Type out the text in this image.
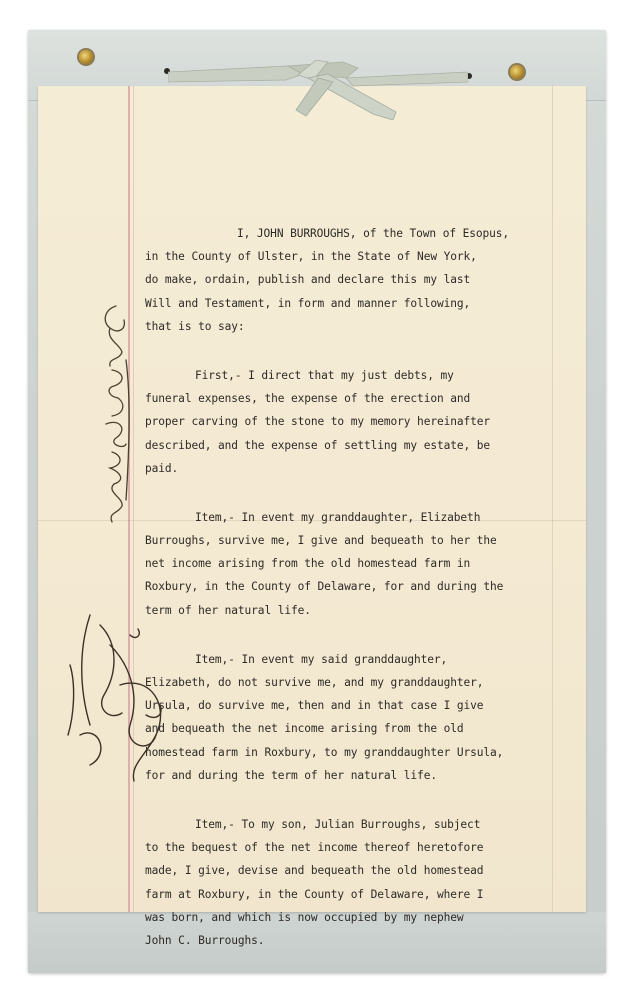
I, JOHN BURROUGHS, of the Town of Esopus,
in the County of Ulster, in the State of New York,
do make, ordain, publish and declare this my last
Will and Testament, in form and manner following,
that is to say:
First,- I direct that my just debts, my
funeral expenses, the expense of the erection and
proper carving of the stone to my memory hereinafter
described, and the expense of settling my estate, be
paid.
Item,- In event my granddaughter, Elizabeth
Burroughs, survive me, I give and bequeath to her the
net income arising from the old homestead farm in
Roxbury, in the County of Delaware, for and during the
term of her natural life.
Item,- In event my said granddaughter,
Elizabeth, do not survive me, and my granddaughter,
Ursula, do survive me, then and in that case I give
and bequeath the net income arising from the old
homestead farm in Roxbury, to my granddaughter Ursula,
for and during the term of her natural life.
Item,- To my son, Julian Burroughs, subject
to the bequest of the net income thereof heretofore
made, I give, devise and bequeath the old homestead
farm at Roxbury, in the County of Delaware, where I
was born, and which is now occupied by my nephew
John C. Burroughs.
